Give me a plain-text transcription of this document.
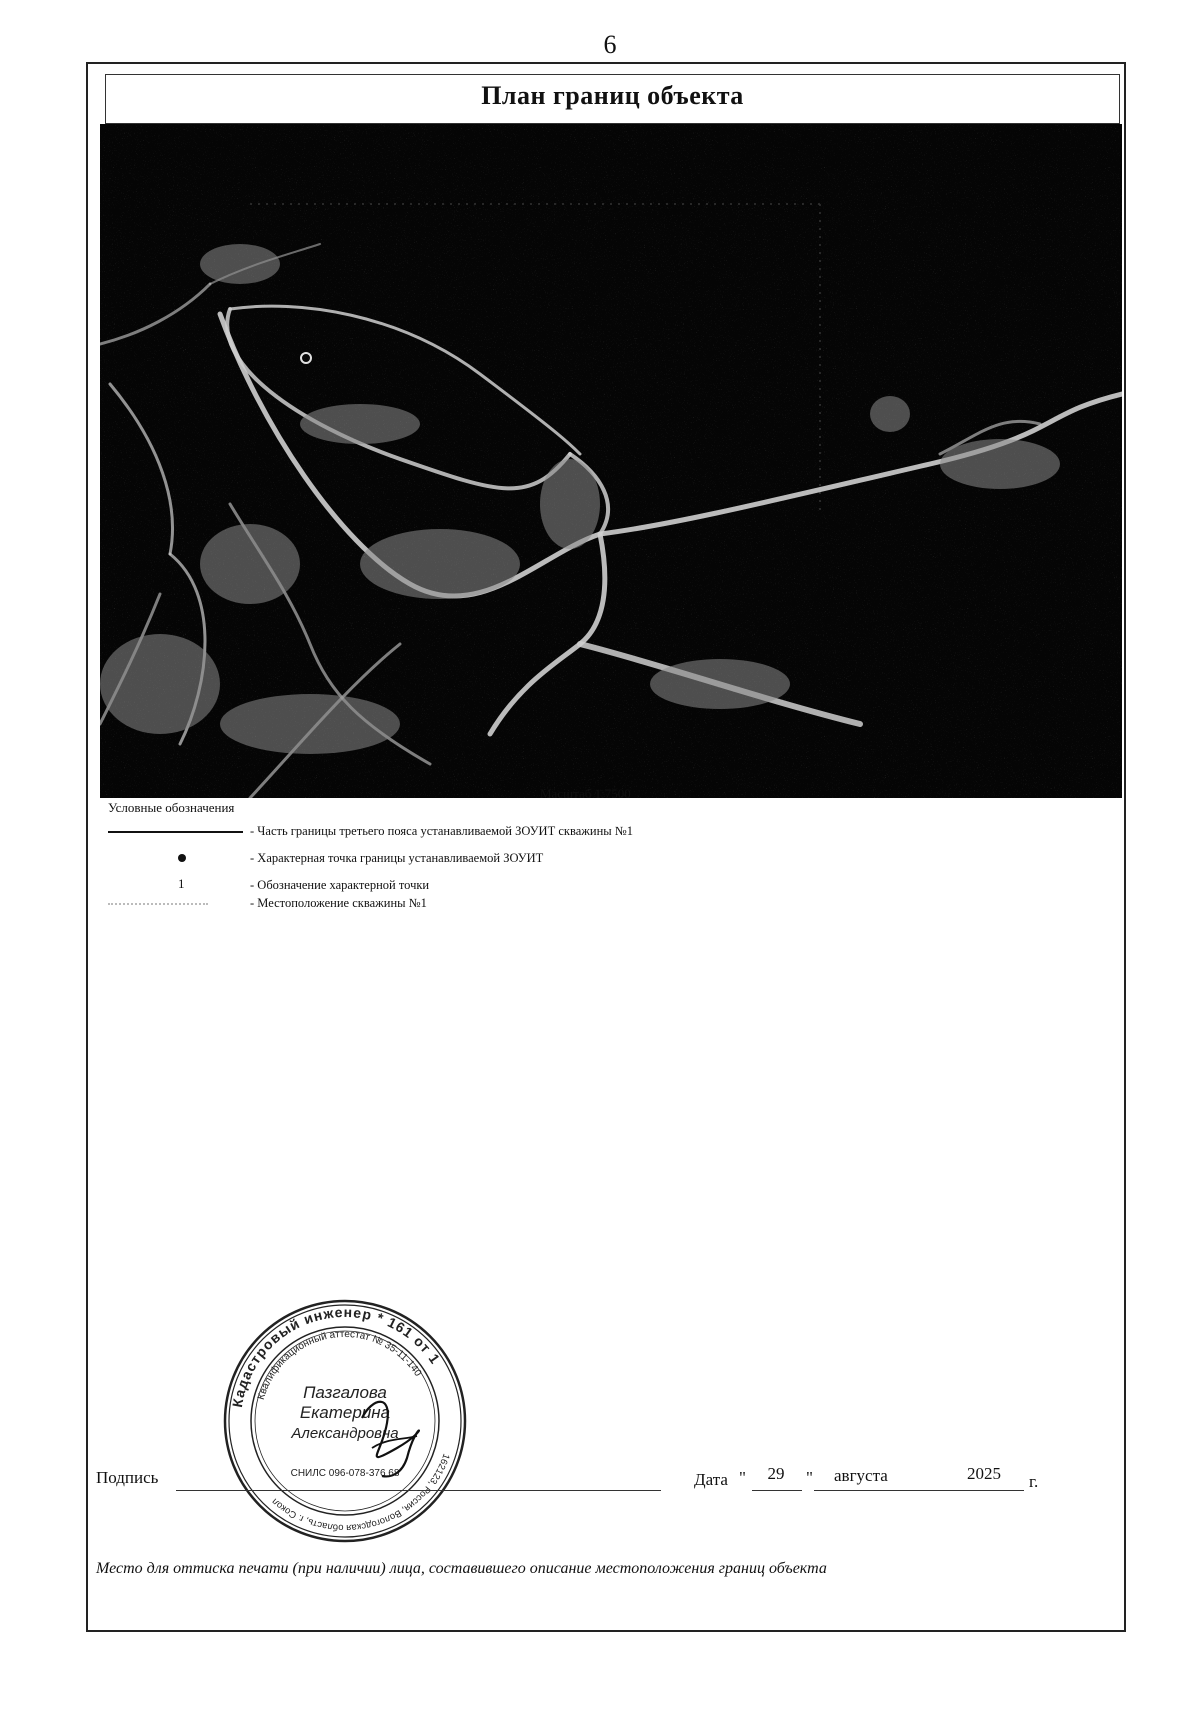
6
План границ объекта
Масштаб 1:7500
Условные обозначения
- Часть границы третьего пояса устанавливаемой ЗОУИТ скважины №1
- Характерная точка границы устанавливаемой ЗОУИТ
1	- Обозначение характерной точки
- Местоположение скважины №1
Кадастровый инженер * 161 от 1
Квалификационный аттестат № 35-11-140
162123, Россия, Вологодская область, г. Сокол
Пазгалова
Екатерина
Александровна
СНИЛС 096-078-376 68
Подпись	Дата "	29	" августа	2025	г.
Место для оттиска печати (при наличии) лица, составившего описание местоположения границ объекта
